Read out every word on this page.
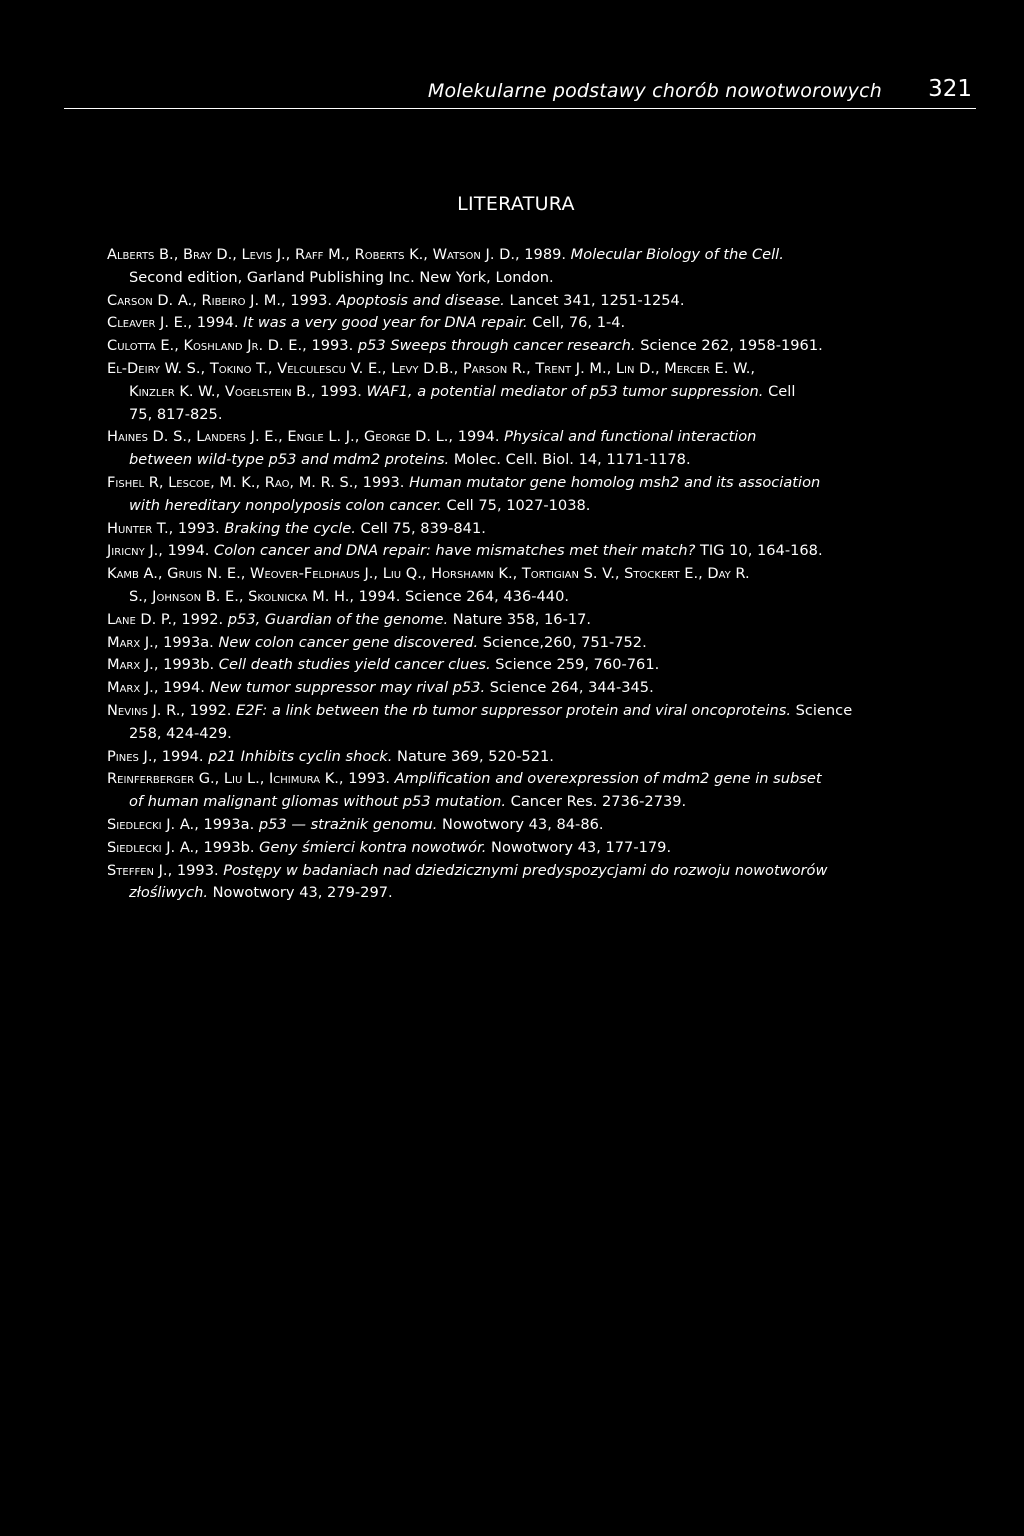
Molekularne podstawy chorób nowotworowych 321
LITERATURA
Alberts B., Bray D., Levis J., Raff M., Roberts K., Watson J. D., 1989. Molecular Biology of the Cell.
Second edition, Garland Publishing Inc. New York, London.
Carson D. A., Ribeiro J. M., 1993. Apoptosis and disease. Lancet 341, 1251-1254.
Cleaver J. E., 1994. It was a very good year for DNA repair. Cell, 76, 1-4.
Culotta E., Koshland Jr. D. E., 1993. p53 Sweeps through cancer research. Science 262, 1958-1961.
El-Deiry W. S., Tokino T., Velculescu V. E., Levy D.B., Parson R., Trent J. M., Lin D., Mercer E. W.,
Kinzler K. W., Vogelstein B., 1993. WAF1, a potential mediator of p53 tumor suppression. Cell
75, 817-825.
Haines D. S., Landers J. E., Engle L. J., George D. L., 1994. Physical and functional interaction
between wild-type p53 and mdm2 proteins. Molec. Cell. Biol. 14, 1171-1178.
Fishel R, Lescoe, M. K., Rao, M. R. S., 1993. Human mutator gene homolog msh2 and its association
with hereditary nonpolyposis colon cancer. Cell 75, 1027-1038.
Hunter T., 1993. Braking the cycle. Cell 75, 839-841.
Jiricny J., 1994. Colon cancer and DNA repair: have mismatches met their match? TIG 10, 164-168.
Kamb A., Gruis N. E., Weover-Feldhaus J., Liu Q., Horshamn K., Tortigian S. V., Stockert E., Day R.
S., Johnson B. E., Skolnicka M. H., 1994. Science 264, 436-440.
Lane D. P., 1992. p53, Guardian of the genome. Nature 358, 16-17.
Marx J., 1993a. New colon cancer gene discovered. Science,260, 751-752.
Marx J., 1993b. Cell death studies yield cancer clues. Science 259, 760-761.
Marx J., 1994. New tumor suppressor may rival p53. Science 264, 344-345.
Nevins J. R., 1992. E2F: a link between the rb tumor suppressor protein and viral oncoproteins. Science
258, 424-429.
Pines J., 1994. p21 Inhibits cyclin shock. Nature 369, 520-521.
Reinferberger G., Liu L., Ichimura K., 1993. Amplification and overexpression of mdm2 gene in subset
of human malignant gliomas without p53 mutation. Cancer Res. 2736-2739.
Siedlecki J. A., 1993a. p53 — strażnik genomu. Nowotwory 43, 84-86.
Siedlecki J. A., 1993b. Geny śmierci kontra nowotwór. Nowotwory 43, 177-179.
Steffen J., 1993. Postępy w badaniach nad dziedzicznymi predyspozycjami do rozwoju nowotworów
złośliwych. Nowotwory 43, 279-297.
